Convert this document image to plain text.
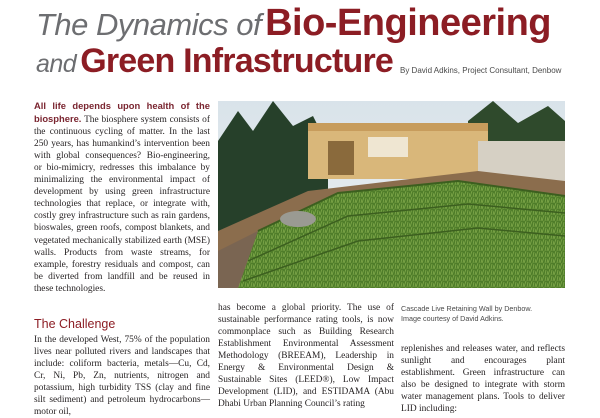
The Dynamics of Bio-Engineering
and Green Infrastructure By David Adkins, Project Consultant, Denbow

All life depends upon health of the biosphere. The biosphere system consists of the continuous cycling of matter. In the last 250 years, has humankind’s intervention been with global consequences? Bio-engineering, or bio-mimicry, redresses this imbalance by minimalizing the environmental impact of development by using green infrastructure technologies that replace, or integrate with, costly grey infrastructure such as rain gardens, bioswales, green roofs, compost blankets, and vegetated mechanically stabilized earth (MSE) walls. Products from waste streams, for example, forestry residuals and compost, can be diverted from landfill and be reused in these technologies.

The Challenge
In the developed West, 75% of the population lives near polluted rivers and landscapes that include: coliform bacteria, metals—Cu, Cd, Cr, Ni, Pb, Zn, nutrients, nitrogen and potassium, high turbidity TSS (clay and fine silt sediment) and petroleum hydrocarbons—motor oil,
has become a global priority. The use of sustainable performance rating tools, is now commonplace such as Building Research Establishment Environmental Assessment Methodology (BREEAM), Leadership in Energy & Environmental Design & Sustainable Sites (LEED®), Low Impact Development (LID), and ESTIDAMA (Abu Dhabi Urban Planning Council’s rating
Cascade Live Retaining Wall by Denbow.
Image courtesy of David Adkins.
replenishes and releases water, and reflects sunlight and encourages plant establishment. Green infrastructure can also be designed to integrate with storm water management plans. Tools to deliver LID including:
